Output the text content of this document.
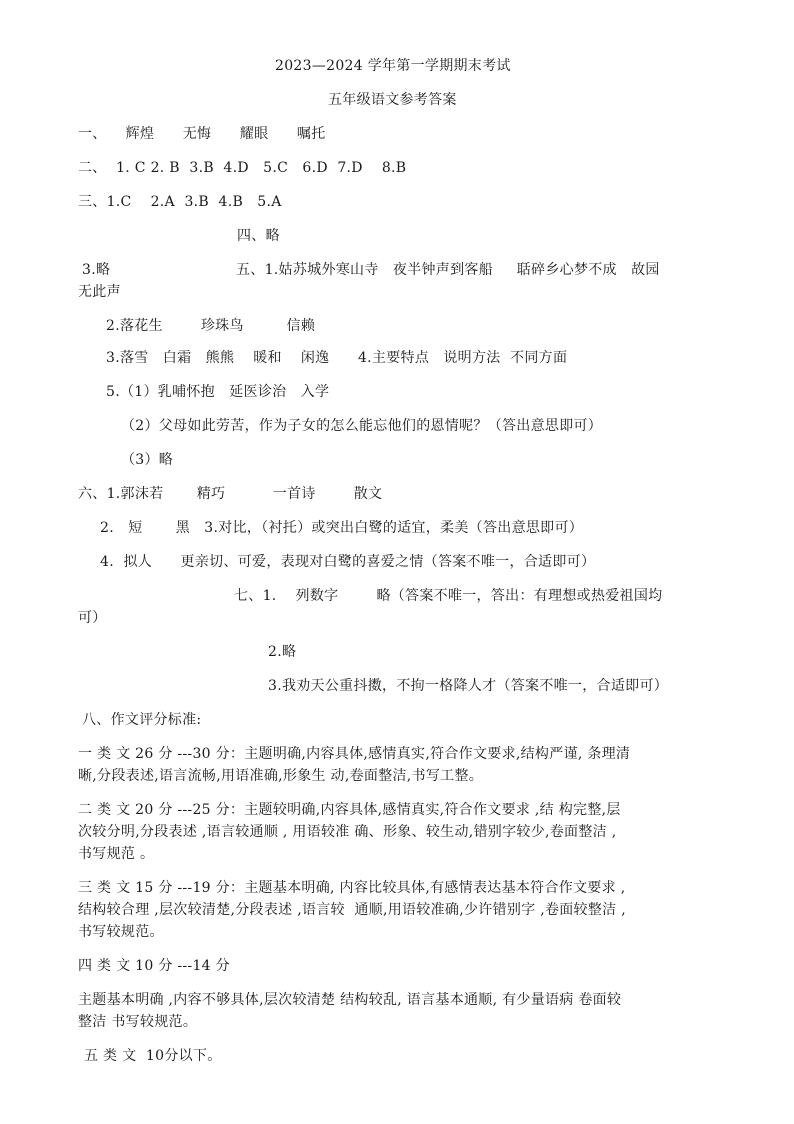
2023—2024 学年第一学期期末考试
五年级语文参考答案
一、    辉煌      无悔      耀眼      嘱托
二、  1. C 2. B  3.B  4.D   5.C   6.D  7.D    8.B
三、1.C    2.A  3.B  4.B   5.A
四、略
3.略	五、1.姑苏城外寒山寺   夜半钟声到客船     聒碎乡心梦不成   故园
无此声
2.落花生        珍珠鸟         信赖
3.落雪   白霜   熊熊    暖和    闲逸      4.主要特点   说明方法  不同方面
5.（1）乳哺怀抱   延医诊治   入学
（2）父母如此劳苦，作为子女的怎么能忘他们的恩情呢？（答出意思即可）
（3）略
六、1.郭沫若       精巧          一首诗        散文
2.   短       黑   3.对比，（衬托）或突出白鹭的适宜，柔美（答出意思即可）
4.  拟人      更亲切、可爱，表现对白鹭的喜爱之情（答案不唯一，合适即可）
七、1.    列数字        略（答案不唯一，答出：有理想或热爱祖国均
可）
2.略
3.我劝天公重抖擞，不拘一格降人才（答案不唯一，合适即可）
八、作文评分标准:
一 类 文 26 分 ---30 分：主题明确,内容具体,感情真实,符合作文要求,结构严谨, 条理清
晰,分段表述,语言流畅,用语准确,形象生 动,卷面整洁,书写工整。
二 类 文 20 分 ---25 分：主题较明确,内容具体,感情真实,符合作文要求 ,结 构完整,层
次较分明,分段表述 ,语言较通顺 , 用语较准 确、形象、较生动,错别字较少,卷面整洁 ,
书写规范 。
三 类 文 15 分 ---19 分：主题基本明确, 内容比较具体,有感情表达基本符合作文要求 ,
结构较合理 ,层次较清楚,分段表述 ,语言较  通顺,用语较准确,少许错别字 ,卷面较整洁 ,
书写较规范。
四 类 文 10 分 ---14 分
主题基本明确 ,内容不够具体,层次较清楚 结构较乱, 语言基本通顺, 有少量语病 卷面较
整洁 书写较规范。
五 类 文  10分以下。
